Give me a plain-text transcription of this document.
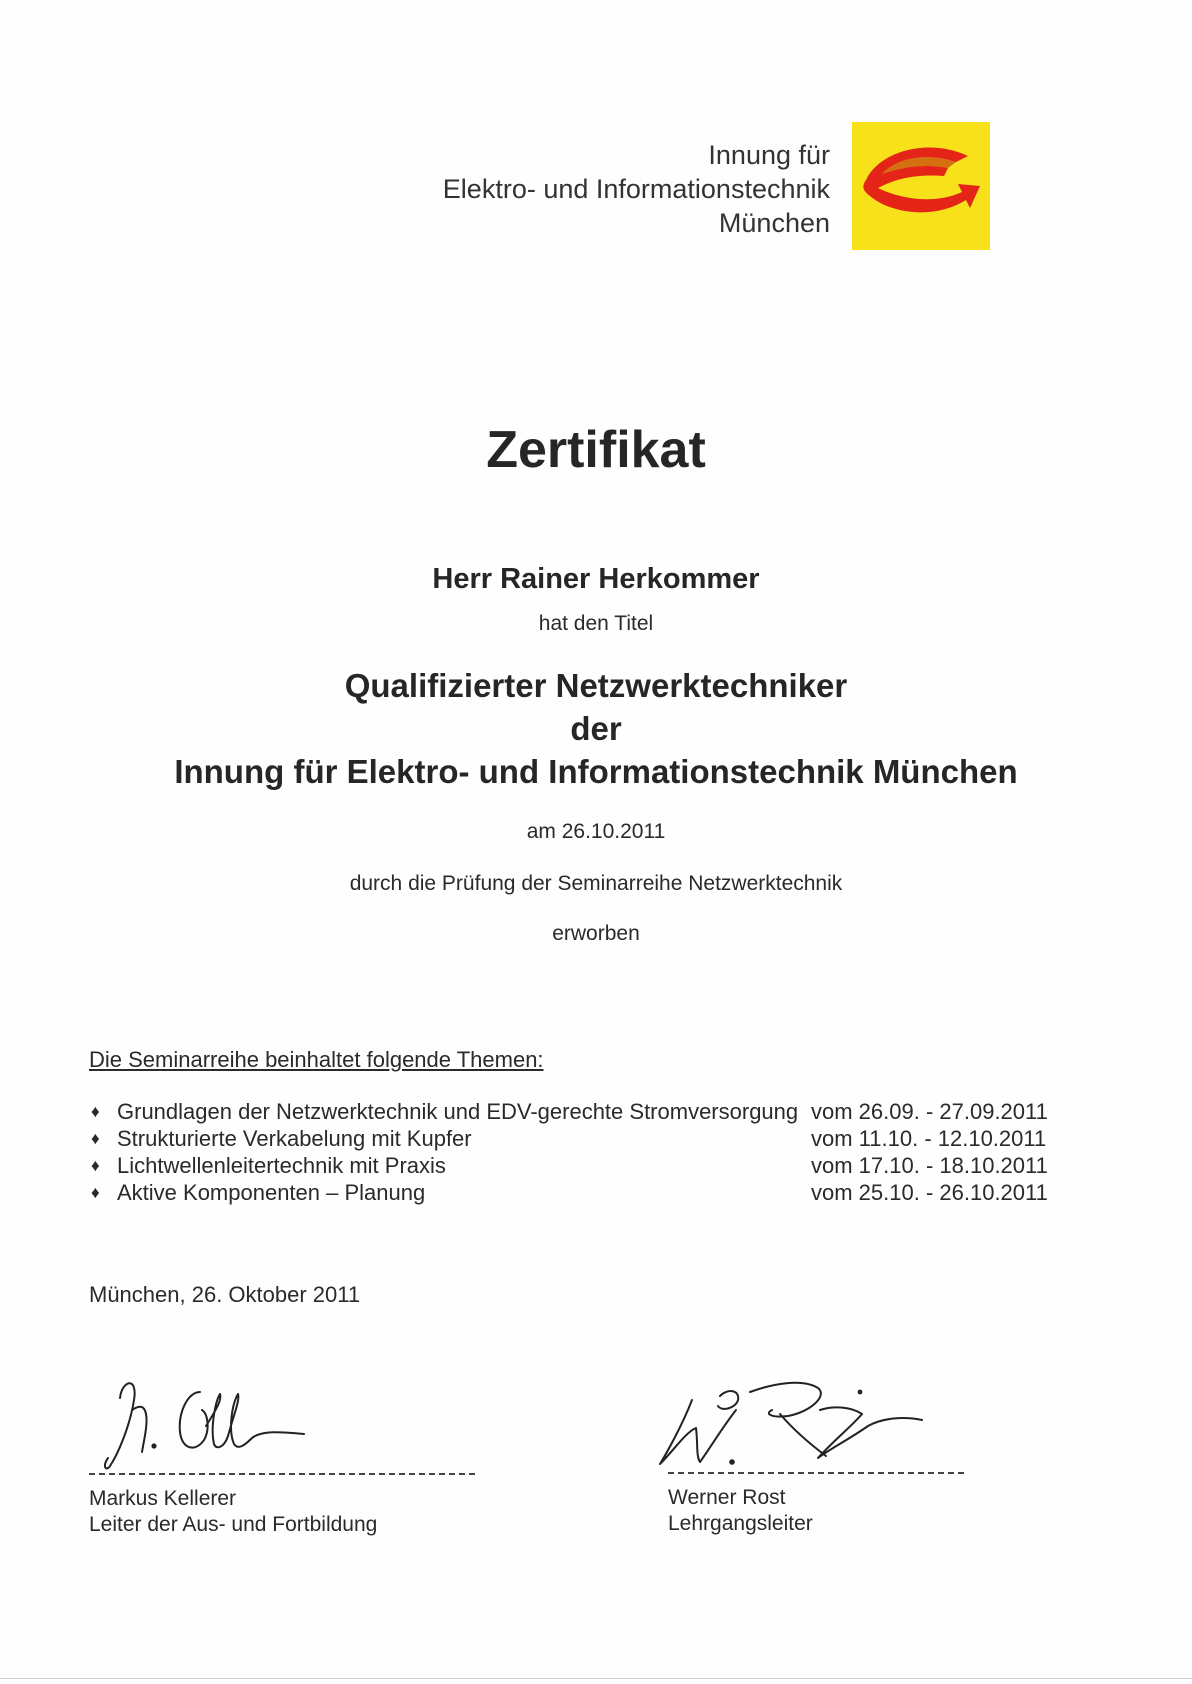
Innung für
Elektro- und Informationstechnik
München
Zertifikat
Herr Rainer Herkommer
hat den Titel
Qualifizierter Netzwerktechniker
der
Innung für Elektro- und Informationstechnik München
am 26.10.2011
durch die Prüfung der Seminarreihe Netzwerktechnik
erworben
Die Seminarreihe beinhaltet folgende Themen:
♦ Grundlagen der Netzwerktechnik und EDV-gerechte Stromversorgung vom 26.09. - 27.09.2011
♦ Strukturierte Verkabelung mit Kupfer	vom 11.10. - 12.10.2011
♦ Lichtwellenleitertechnik mit Praxis	vom 17.10. - 18.10.2011
♦ Aktive Komponenten – Planung	vom 25.10. - 26.10.2011
München, 26. Oktober 2011
Markus Kellerer
Leiter der Aus- und Fortbildung
Werner Rost
Lehrgangsleiter
